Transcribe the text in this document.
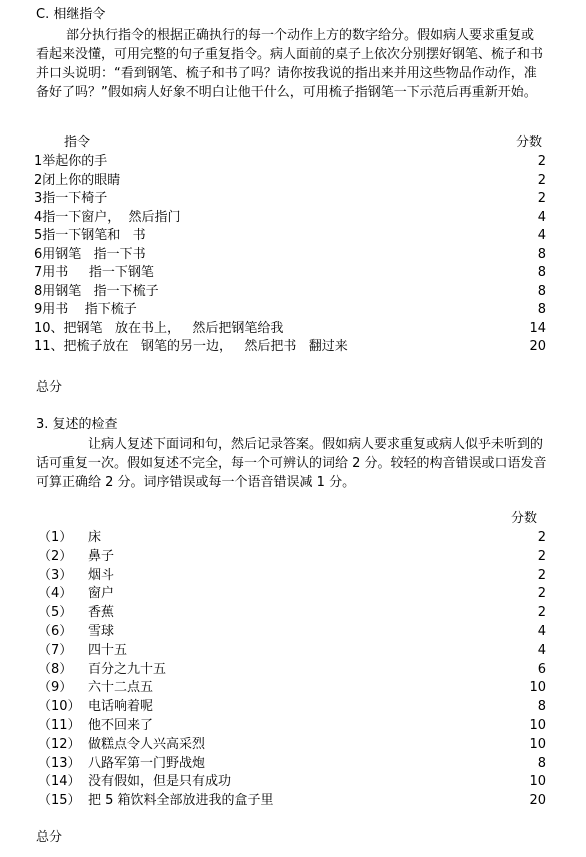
C. 相继指令
部分执行指令的根据正确执行的每一个动作上方的数字给分。假如病人要求重复或看起来没懂，可用完整的句子重复指令。病人面前的桌子上依次分别摆好钢笔、梳子和书并口头说明：“看到钢笔、梳子和书了吗？请你按我说的指出来并用这些物品作动作，准备好了吗？”假如病人好象不明白让他干什么，可用梳子指钢笔一下示范后再重新开始。
指令	分数
1举起你的手	2
2闭上你的眼睛	2
3指一下椅子	2
4指一下窗户，  然后指门	4
5指一下钢笔和   书	4
6用钢笔   指一下书	8
7用书     指一下钢笔	8
8用钢笔   指一下梳子	8
9用书    指下梳子	8
10、把钢笔   放在书上，   然后把钢笔给我	14
11、把梳子放在   钢笔的另一边，   然后把书   翻过来	20
总分
3. 复述的检查
让病人复述下面词和句，然后记录答案。假如病人要求重复或病人似乎未听到的话可重复一次。假如复述不完全，每一个可辨认的词给 2 分。较轻的构音错误或口语发音可算正确给 2 分。词序错误或每一个语音错误减 1 分。
分数
（1） 床	2
（2） 鼻子	2
（3） 烟斗	2
（4） 窗户	2
（5） 香蕉	2
（6） 雪球	4
（7） 四十五	4
（8） 百分之九十五	6
（9） 六十二点五	10
（10） 电话响着呢	8
（11） 他不回来了	10
（12） 做糕点令人兴高采烈	10
（13） 八路军第一门野战炮	8
（14） 没有假如，但是只有成功	10
（15） 把 5 箱饮料全部放进我的盒子里	20
总分
